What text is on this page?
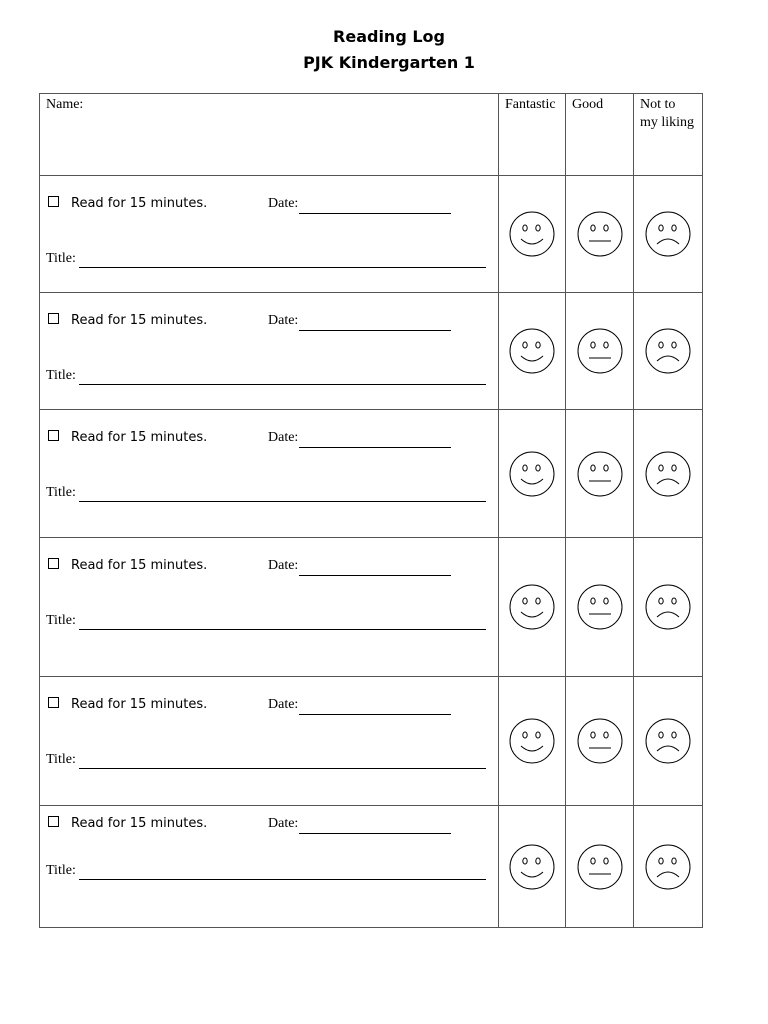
Reading Log
PJK Kindergarten 1
Name:	Fantastic	Good	Not to my liking

Read for 15 minutes. Date:
Title:

Read for 15 minutes. Date:
Title:

Read for 15 minutes. Date:
Title:

Read for 15 minutes. Date:
Title:

Read for 15 minutes. Date:
Title:

Read for 15 minutes. Date:
Title:
